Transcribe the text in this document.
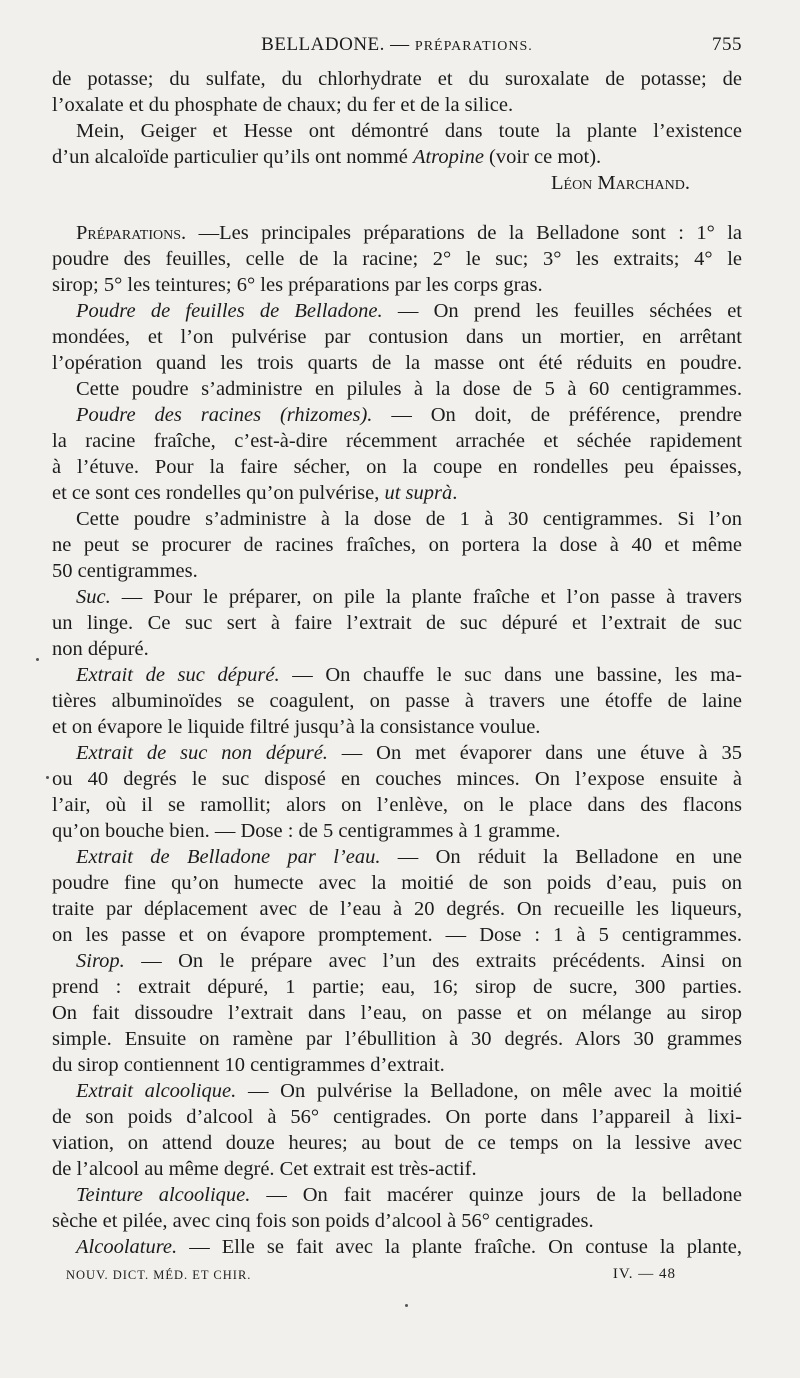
BELLADONE. — PRÉPARATIONS.	755
de potasse; du sulfate, du chlorhydrate et du suroxalate de potasse; de
l’oxalate et du phosphate de chaux; du fer et de la silice.
Mein, Geiger et Hesse ont démontré dans toute la plante l’existence
d’un alcaloïde particulier qu’ils ont nommé Atropine (voir ce mot).
Léon Marchand.
Préparations. —Les principales préparations de la Belladone sont : 1° la
poudre des feuilles, celle de la racine; 2° le suc; 3° les extraits; 4° le
sirop; 5° les teintures; 6° les préparations par les corps gras.
Poudre de feuilles de Belladone. — On prend les feuilles séchées et
mondées, et l’on pulvérise par contusion dans un mortier, en arrêtant
l’opération quand les trois quarts de la masse ont été réduits en poudre.
Cette poudre s’administre en pilules à la dose de 5 à 60 centigrammes.
Poudre des racines (rhizomes). — On doit, de préférence, prendre
la racine fraîche, c’est-à-dire récemment arrachée et séchée rapidement
à l’étuve. Pour la faire sécher, on la coupe en rondelles peu épaisses,
et ce sont ces rondelles qu’on pulvérise, ut suprà.
Cette poudre s’administre à la dose de 1 à 30 centigrammes. Si l’on
ne peut se procurer de racines fraîches, on portera la dose à 40 et même
50 centigrammes.
Suc. — Pour le préparer, on pile la plante fraîche et l’on passe à travers
un linge. Ce suc sert à faire l’extrait de suc dépuré et l’extrait de suc
non dépuré.
Extrait de suc dépuré. — On chauffe le suc dans une bassine, les ma-
tières albuminoïdes se coagulent, on passe à travers une étoffe de laine
et on évapore le liquide filtré jusqu’à la consistance voulue.
Extrait de suc non dépuré. — On met évaporer dans une étuve à 35
ou 40 degrés le suc disposé en couches minces. On l’expose ensuite à
l’air, où il se ramollit; alors on l’enlève, on le place dans des flacons
qu’on bouche bien. — Dose : de 5 centigrammes à 1 gramme.
Extrait de Belladone par l’eau. — On réduit la Belladone en une
poudre fine qu’on humecte avec la moitié de son poids d’eau, puis on
traite par déplacement avec de l’eau à 20 degrés. On recueille les liqueurs,
on les passe et on évapore promptement. — Dose : 1 à 5 centigrammes.
Sirop. — On le prépare avec l’un des extraits précédents. Ainsi on
prend : extrait dépuré, 1 partie; eau, 16; sirop de sucre, 300 parties.
On fait dissoudre l’extrait dans l’eau, on passe et on mélange au sirop
simple. Ensuite on ramène par l’ébullition à 30 degrés. Alors 30 grammes
du sirop contiennent 10 centigrammes d’extrait.
Extrait alcoolique. — On pulvérise la Belladone, on mêle avec la moitié
de son poids d’alcool à 56° centigrades. On porte dans l’appareil à lixi-
viation, on attend douze heures; au bout de ce temps on la lessive avec
de l’alcool au même degré. Cet extrait est très-actif.
Teinture alcoolique. — On fait macérer quinze jours de la belladone
sèche et pilée, avec cinq fois son poids d’alcool à 56° centigrades.
Alcoolature. — Elle se fait avec la plante fraîche. On contuse la plante,
NOUV. DICT. MÉD. ET CHIR.	IV. — 48
